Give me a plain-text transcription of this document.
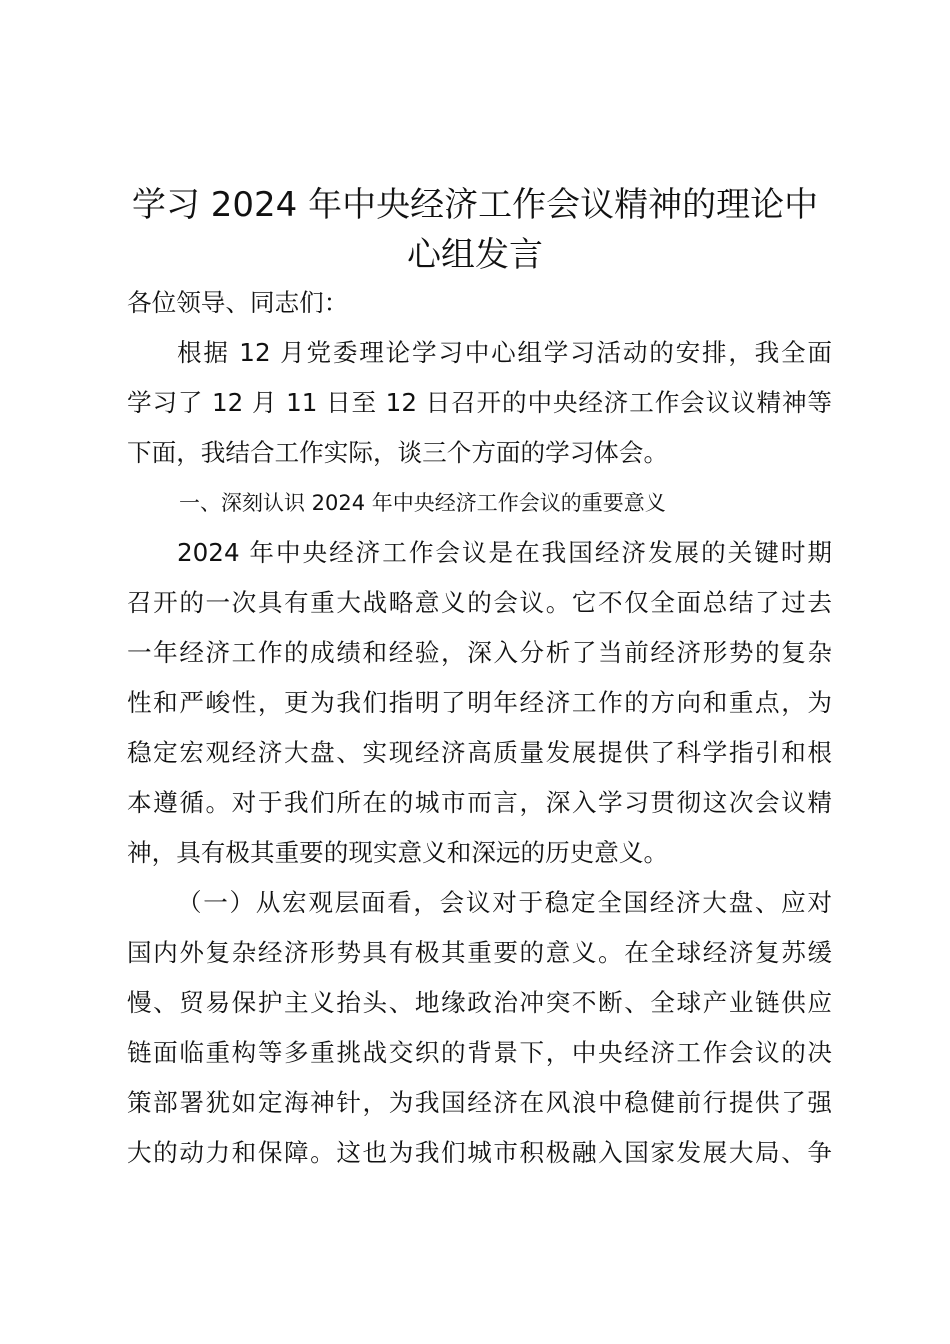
学习 2024 年中央经济工作会议精神的理论中
心组发言
各位领导、同志们：
根据 12 月党委理论学习中心组学习活动的安排，我全面
学习了 12 月 11 日至 12 日召开的中央经济工作会议议精神等
下面，我结合工作实际，谈三个方面的学习体会。
一、深刻认识 2024 年中央经济工作会议的重要意义
2024 年中央经济工作会议是在我国经济发展的关键时期
召开的一次具有重大战略意义的会议。它不仅全面总结了过去
一年经济工作的成绩和经验，深入分析了当前经济形势的复杂
性和严峻性，更为我们指明了明年经济工作的方向和重点，为
稳定宏观经济大盘、实现经济高质量发展提供了科学指引和根
本遵循。对于我们所在的城市而言，深入学习贯彻这次会议精
神，具有极其重要的现实意义和深远的历史意义。
（一）从宏观层面看，会议对于稳定全国经济大盘、应对
国内外复杂经济形势具有极其重要的意义。在全球经济复苏缓
慢、贸易保护主义抬头、地缘政治冲突不断、全球产业链供应
链面临重构等多重挑战交织的背景下，中央经济工作会议的决
策部署犹如定海神针，为我国经济在风浪中稳健前行提供了强
大的动力和保障。这也为我们城市积极融入国家发展大局、争
